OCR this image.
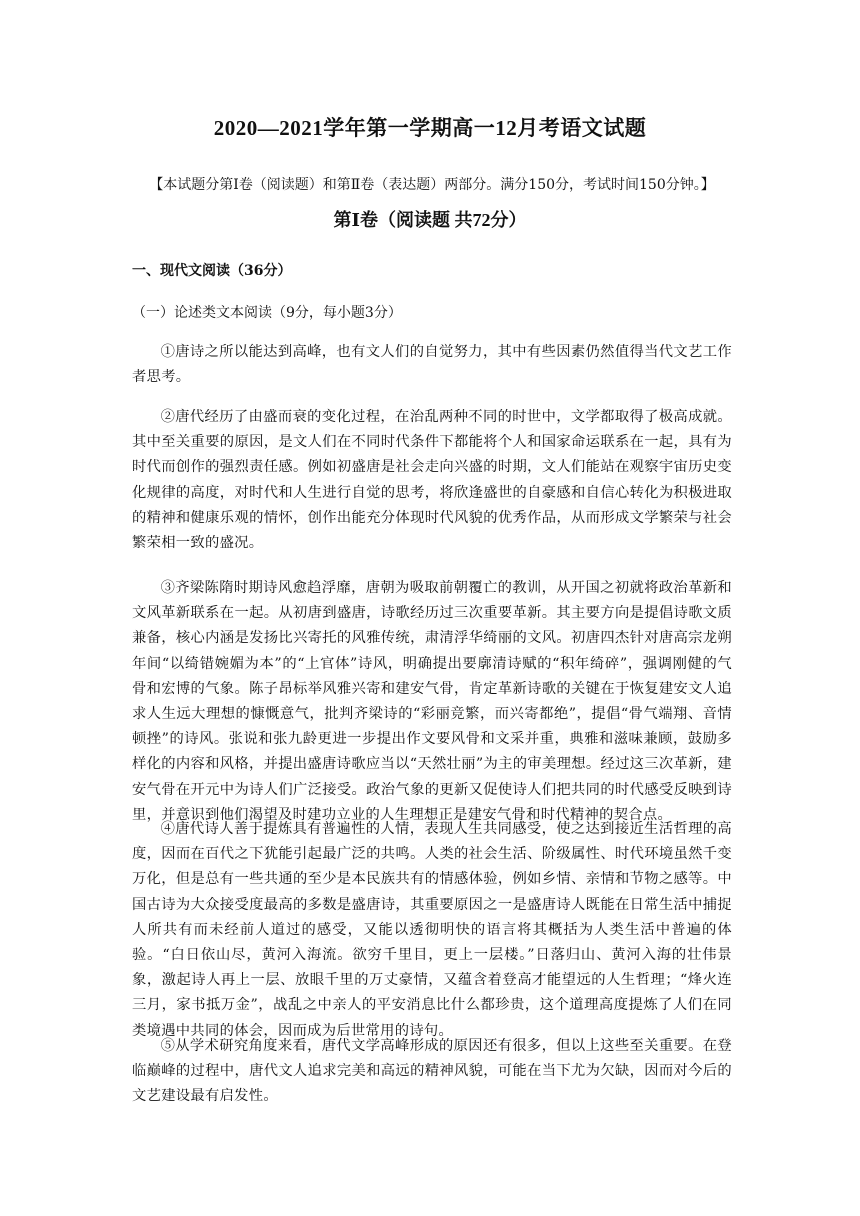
2020—2021学年第一学期高一12月考语文试题
【本试题分第Ⅰ卷（阅读题）和第Ⅱ卷（表达题）两部分。满分150分，考试时间150分钟。】
第Ⅰ卷（阅读题 共72分）
一、现代文阅读（36分）
（一）论述类文本阅读（9分，每小题3分）

①唐诗之所以能达到高峰，也有文人们的自觉努力，其中有些因素仍然值得当代文艺工作者思考。

②唐代经历了由盛而衰的变化过程，在治乱两种不同的时世中，文学都取得了极高成就。其中至关重要的原因，是文人们在不同时代条件下都能将个人和国家命运联系在一起，具有为时代而创作的强烈责任感。例如初盛唐是社会走向兴盛的时期，文人们能站在观察宇宙历史变化规律的高度，对时代和人生进行自觉的思考，将欣逢盛世的自豪感和自信心转化为积极进取的精神和健康乐观的情怀，创作出能充分体现时代风貌的优秀作品，从而形成文学繁荣与社会繁荣相一致的盛况。

③齐梁陈隋时期诗风愈趋浮靡，唐朝为吸取前朝覆亡的教训，从开国之初就将政治革新和文风革新联系在一起。从初唐到盛唐，诗歌经历过三次重要革新。其主要方向是提倡诗歌文质兼备，核心内涵是发扬比兴寄托的风雅传统，肃清浮华绮丽的文风。初唐四杰针对唐高宗龙朔年间“以绮错婉媚为本”的“上官体”诗风，明确提出要廓清诗赋的“积年绮碎”，强调刚健的气骨和宏博的气象。陈子昂标举风雅兴寄和建安气骨，肯定革新诗歌的关键在于恢复建安文人追求人生远大理想的慷慨意气，批判齐梁诗的“彩丽竞繁，而兴寄都绝”，提倡“骨气端翔、音情顿挫”的诗风。张说和张九龄更进一步提出作文要风骨和文采并重，典雅和滋味兼顾，鼓励多样化的内容和风格，并提出盛唐诗歌应当以“天然壮丽”为主的审美理想。经过这三次革新，建安气骨在开元中为诗人们广泛接受。政治气象的更新又促使诗人们把共同的时代感受反映到诗里，并意识到他们渴望及时建功立业的人生理想正是建安气骨和时代精神的契合点。

④唐代诗人善于提炼具有普遍性的人情，表现人生共同感受，使之达到接近生活哲理的高度，因而在百代之下犹能引起最广泛的共鸣。人类的社会生活、阶级属性、时代环境虽然千变万化，但是总有一些共通的至少是本民族共有的情感体验，例如乡情、亲情和节物之感等。中国古诗为大众接受度最高的多数是盛唐诗，其重要原因之一是盛唐诗人既能在日常生活中捕捉人所共有而未经前人道过的感受，又能以透彻明快的语言将其概括为人类生活中普遍的体验。“白日依山尽，黄河入海流。欲穷千里目，更上一层楼。”日落归山、黄河入海的壮伟景象，激起诗人再上一层、放眼千里的万丈豪情，又蕴含着登高才能望远的人生哲理；“烽火连三月，家书抵万金”，战乱之中亲人的平安消息比什么都珍贵，这个道理高度提炼了人们在同类境遇中共同的体会，因而成为后世常用的诗句。

⑤从学术研究角度来看，唐代文学高峰形成的原因还有很多，但以上这些至关重要。在登临巅峰的过程中，唐代文人追求完美和高远的精神风貌，可能在当下尤为欠缺，因而对今后的文艺建设最有启发性。
